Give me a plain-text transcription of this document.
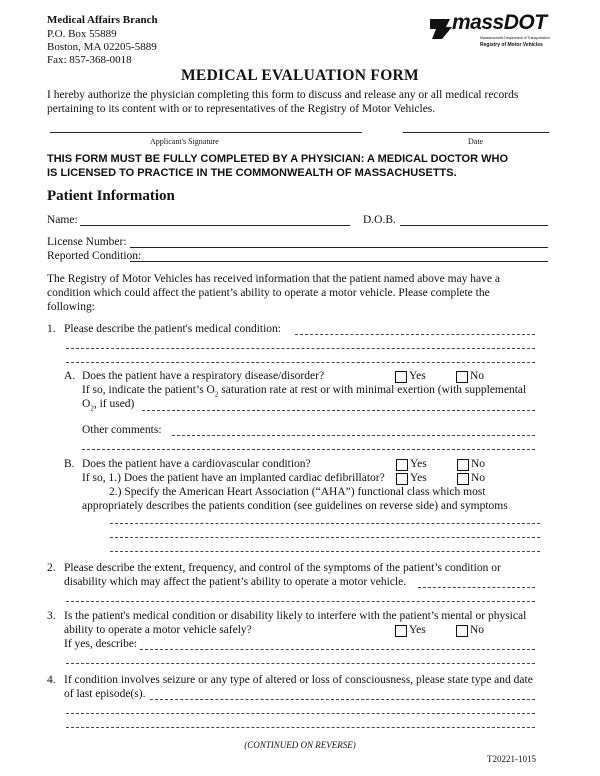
Medical Affairs Branch
P.O. Box 55889
Boston, MA 02205-5889
Fax: 857-368-0018
massDOT
Massachusetts Department of Transportation
Registry of Motor Vehicles
MEDICAL EVALUATION FORM
I hereby authorize the physician completing this form to discuss and release any or all medical records
pertaining to its content with or to representatives of the Registry of Motor Vehicles.
Applicant's Signature	Date
THIS FORM MUST BE FULLY COMPLETED BY A PHYSICIAN: A MEDICAL DOCTOR WHO
IS LICENSED TO PRACTICE IN THE COMMONWEALTH OF MASSACHUSETTS.
Patient Information
Name:	D.O.B.
License Number:
Reported Condition:
The Registry of Motor Vehicles has received information that the patient named above may have a
condition which could affect the patient’s ability to operate a motor vehicle. Please complete the
following:
1. Please describe the patient's medical condition:
A. Does the patient have a respiratory disease/disorder?	Yes	No
If so, indicate the patient’s $O_2$ saturation rate at rest or with minimal exertion (with supplemental
$O_2$, if used)
Other comments:
B. Does the patient have a cardiovascular condition?	Yes	No
If so, 1.) Does the patient have an implanted cardiac defibrillator? Yes	No
2.) Specify the American Heart Association (“AHA”) functional class which most
appropriately describes the patients condition (see guidelines on reverse side) and symptoms
2. Please describe the extent, frequency, and control of the symptoms of the patient’s condition or
disability which may affect the patient’s ability to operate a motor vehicle.
3. Is the patient's medical condition or disability likely to interfere with the patient’s mental or physical
ability to operate a motor vehicle safely?	Yes	No
If yes, describe:
4. If condition involves seizure or any type of altered or loss of consciousness, please state type and date
of last episode(s).
(CONTINUED ON REVERSE)
T20221-1015
